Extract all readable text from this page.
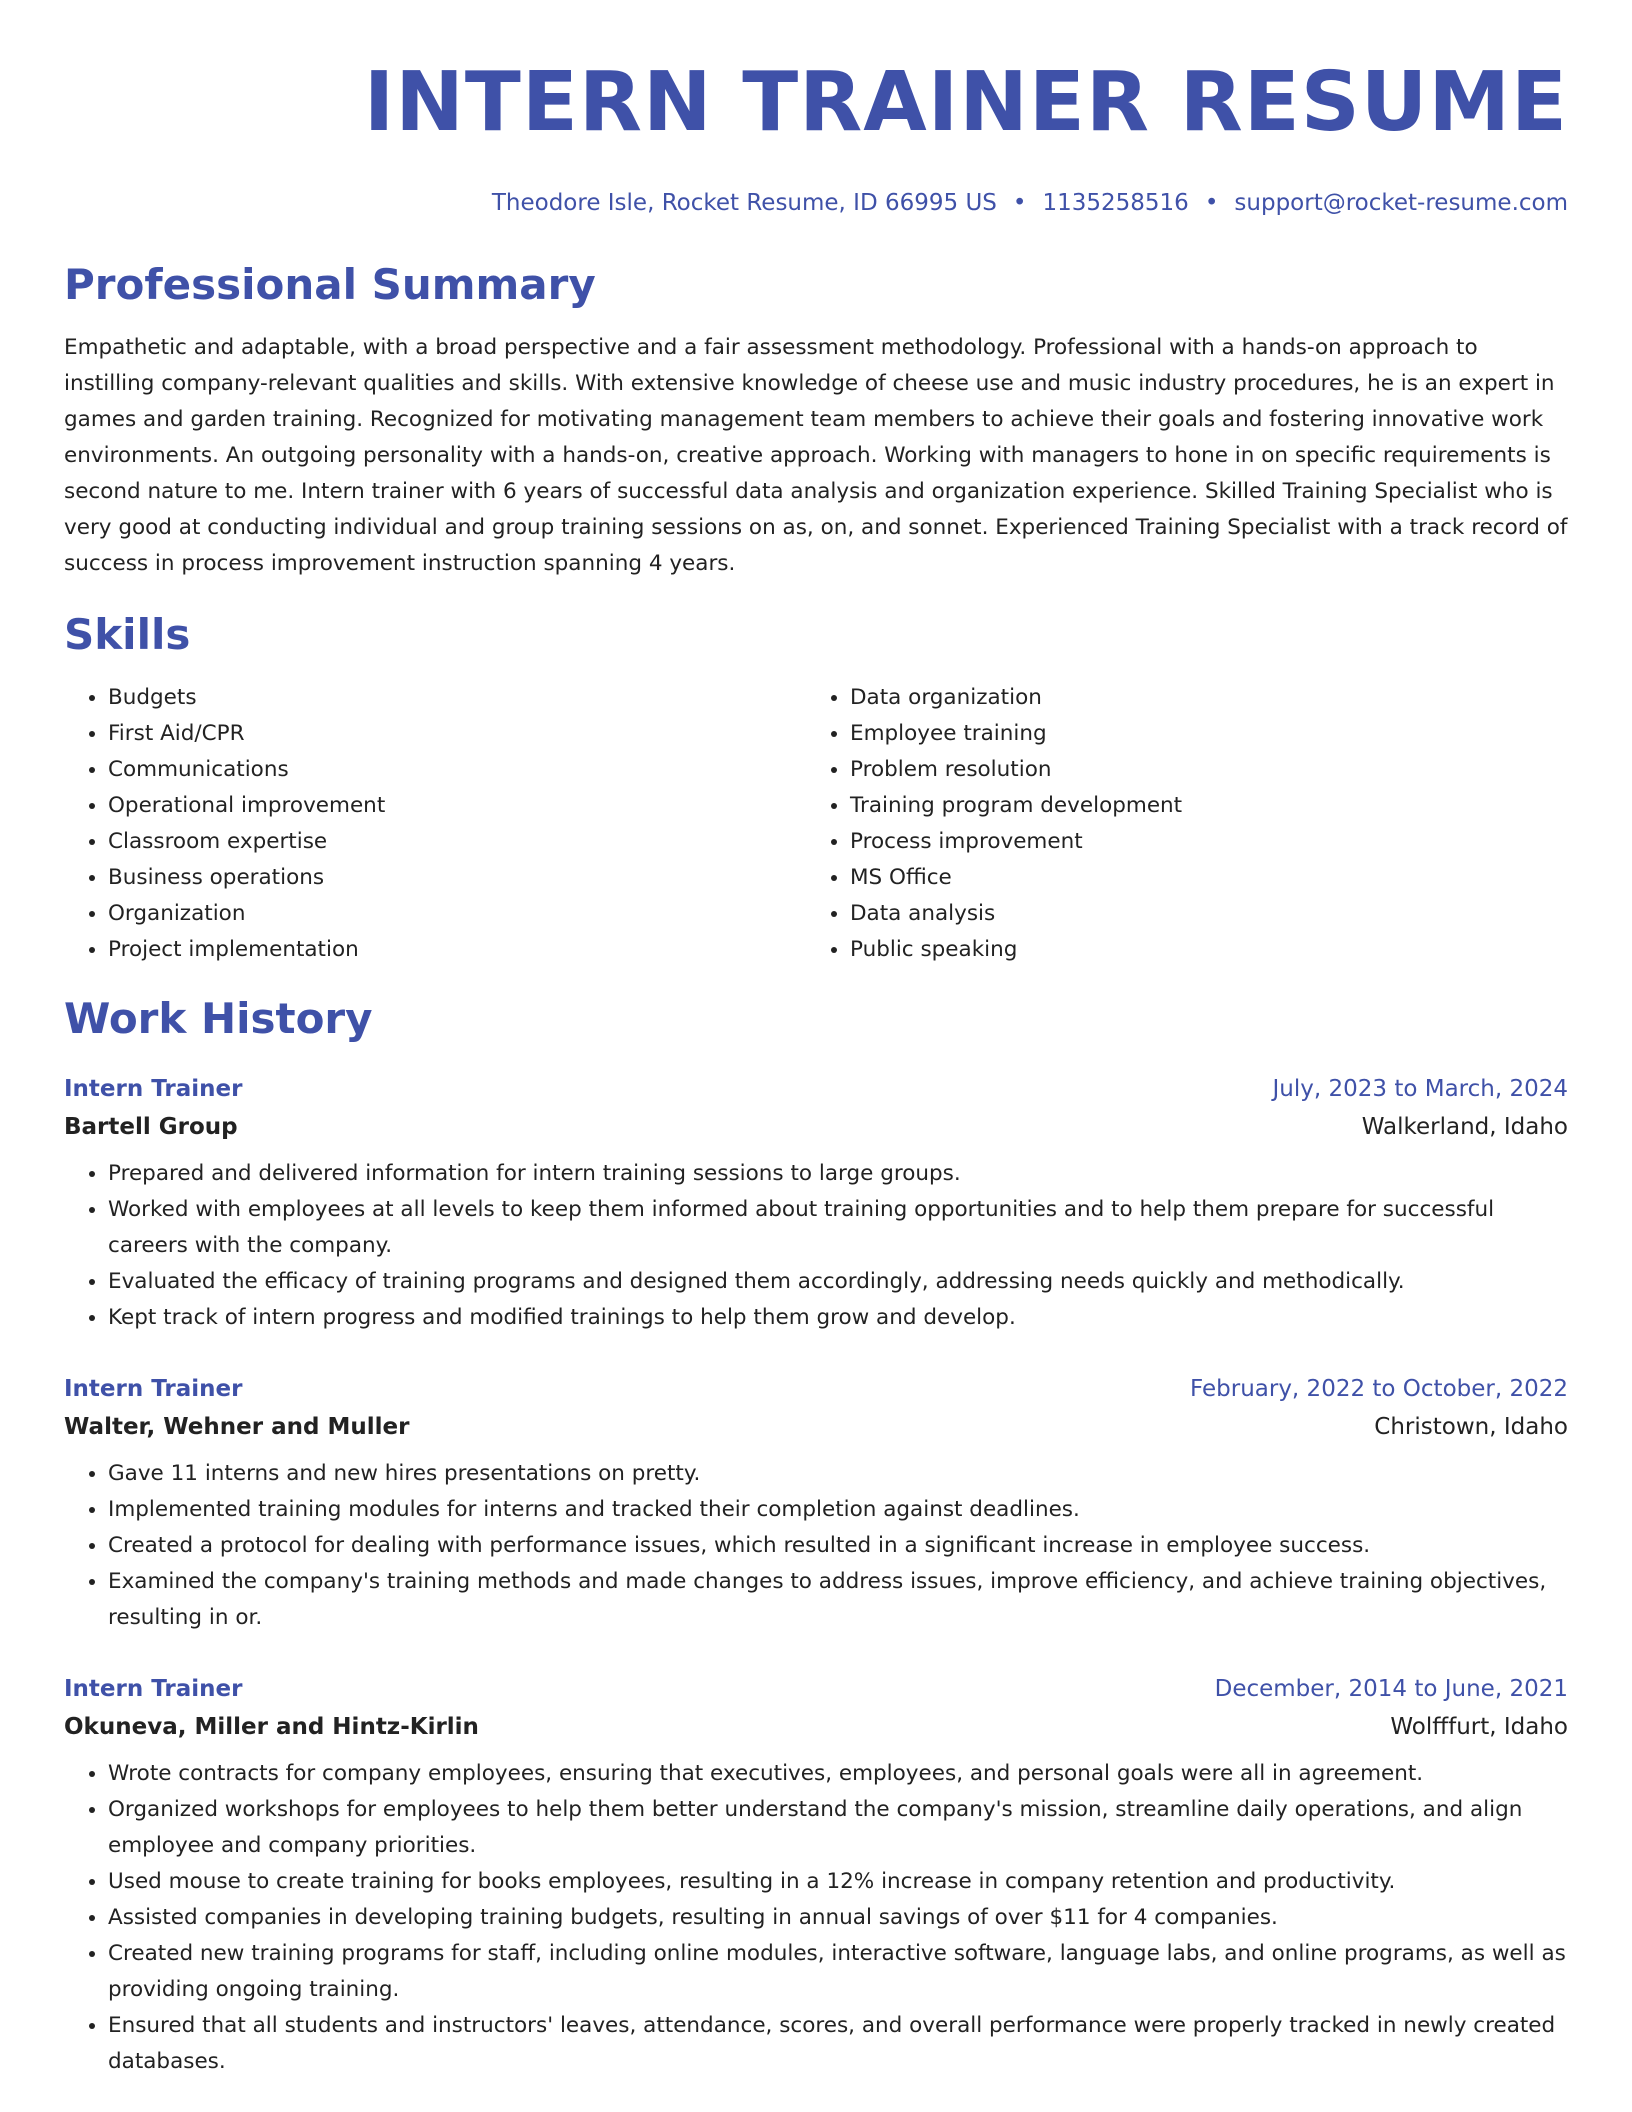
INTERN TRAINER RESUME
Theodore Isle, Rocket Resume, ID 66995 US • 1135258516 • support@rocket-resume.com
Professional Summary
Empathetic and adaptable, with a broad perspective and a fair assessment methodology. Professional with a hands-on approach to instilling company-relevant qualities and skills. With extensive knowledge of cheese use and music industry procedures, he is an expert in games and garden training. Recognized for motivating management team members to achieve their goals and fostering innovative work environments. An outgoing personality with a hands-on, creative approach. Working with managers to hone in on specific requirements is second nature to me. Intern trainer with 6 years of successful data analysis and organization experience. Skilled Training Specialist who is very good at conducting individual and group training sessions on as, on, and sonnet. Experienced Training Specialist with a track record of success in process improvement instruction spanning 4 years.
Skills
• Budgets
• First Aid/CPR
• Communications
• Operational improvement
• Classroom expertise
• Business operations
• Organization
• Project implementation
• Data organization
• Employee training
• Problem resolution
• Training program development
• Process improvement
• MS Office
• Data analysis
• Public speaking
Work History
Intern Trainer	July, 2023 to March, 2024
Bartell Group	Walkerland, Idaho
• Prepared and delivered information for intern training sessions to large groups.
• Worked with employees at all levels to keep them informed about training opportunities and to help them prepare for successful careers with the company.
• Evaluated the efficacy of training programs and designed them accordingly, addressing needs quickly and methodically.
• Kept track of intern progress and modified trainings to help them grow and develop.
Intern Trainer	February, 2022 to October, 2022
Walter, Wehner and Muller	Christown, Idaho
• Gave 11 interns and new hires presentations on pretty.
• Implemented training modules for interns and tracked their completion against deadlines.
• Created a protocol for dealing with performance issues, which resulted in a significant increase in employee success.
• Examined the company's training methods and made changes to address issues, improve efficiency, and achieve training objectives, resulting in or.
Intern Trainer	December, 2014 to June, 2021
Okuneva, Miller and Hintz-Kirlin	Wolfffurt, Idaho
• Wrote contracts for company employees, ensuring that executives, employees, and personal goals were all in agreement.
• Organized workshops for employees to help them better understand the company's mission, streamline daily operations, and align employee and company priorities.
• Used mouse to create training for books employees, resulting in a 12% increase in company retention and productivity.
• Assisted companies in developing training budgets, resulting in annual savings of over $11 for 4 companies.
• Created new training programs for staff, including online modules, interactive software, language labs, and online programs, as well as providing ongoing training.
• Ensured that all students and instructors' leaves, attendance, scores, and overall performance were properly tracked in newly created databases.
